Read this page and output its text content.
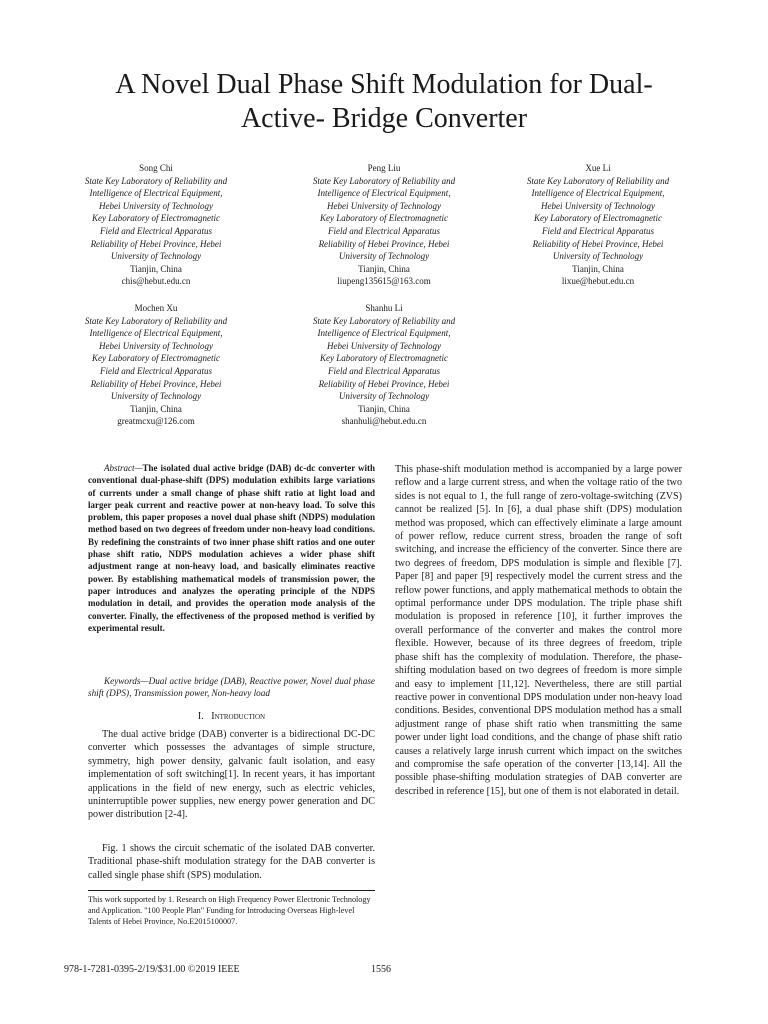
A Novel Dual Phase Shift Modulation for Dual-
Active- Bridge Converter
Song Chi
State Key Laboratory of Reliability and
Intelligence of Electrical Equipment,
Hebei University of Technology
Key Laboratory of Electromagnetic
Field and Electrical Apparatus
Reliability of Hebei Province, Hebei
University of Technology
Tianjin, China
chis@hebut.edu.cn
Peng Liu
State Key Laboratory of Reliability and
Intelligence of Electrical Equipment,
Hebei University of Technology
Key Laboratory of Electromagnetic
Field and Electrical Apparatus
Reliability of Hebei Province, Hebei
University of Technology
Tianjin, China
liupeng135615@163.com
Xue Li
State Key Laboratory of Reliability and
Intelligence of Electrical Equipment,
Hebei University of Technology
Key Laboratory of Electromagnetic
Field and Electrical Apparatus
Reliability of Hebei Province, Hebei
University of Technology
Tianjin, China
lixue@hebut.edu.cn
Mochen Xu
State Key Laboratory of Reliability and
Intelligence of Electrical Equipment,
Hebei University of Technology
Key Laboratory of Electromagnetic
Field and Electrical Apparatus
Reliability of Hebei Province, Hebei
University of Technology
Tianjin, China
greatmcxu@126.com
Shanhu Li
State Key Laboratory of Reliability and
Intelligence of Electrical Equipment,
Hebei University of Technology
Key Laboratory of Electromagnetic
Field and Electrical Apparatus
Reliability of Hebei Province, Hebei
University of Technology
Tianjin, China
shanhuli@hebut.edu.cn
Abstract—The isolated dual active bridge (DAB) dc-dc converter with conventional dual-phase-shift (DPS) modulation exhibits large variations of currents under a small change of phase shift ratio at light load and larger peak current and reactive power at non-heavy load. To solve this problem, this paper proposes a novel dual phase shift (NDPS) modulation method based on two degrees of freedom under non-heavy load conditions. By redefining the constraints of two inner phase shift ratios and one outer phase shift ratio, NDPS modulation achieves a wider phase shift adjustment range at non-heavy load, and basically eliminates reactive power. By establishing mathematical models of transmission power, the paper introduces and analyzes the operating principle of the NDPS modulation in detail, and provides the operation mode analysis of the converter. Finally, the effectiveness of the proposed method is verified by experimental result.
Keywords—Dual active bridge (DAB), Reactive power, Novel dual phase shift (DPS), Transmission power, Non-heavy load
I. Introduction
The dual active bridge (DAB) converter is a bidirectional DC-DC converter which possesses the advantages of simple structure, symmetry, high power density, galvanic fault isolation, and easy implementation of soft switching[1]. In recent years, it has important applications in the field of new energy, such as electric vehicles, uninterruptible power supplies, new energy power generation and DC power distribution [2-4].
Fig. 1 shows the circuit schematic of the isolated DAB converter. Traditional phase-shift modulation strategy for the DAB converter is called single phase shift (SPS) modulation.
This phase-shift modulation method is accompanied by a large power reflow and a large current stress, and when the voltage ratio of the two sides is not equal to 1, the full range of zero-voltage-switching (ZVS) cannot be realized [5]. In [6], a dual phase shift (DPS) modulation method was proposed, which can effectively eliminate a large amount of power reflow, reduce current stress, broaden the range of soft switching, and increase the efficiency of the converter. Since there are two degrees of freedom, DPS modulation is simple and flexible [7]. Paper [8] and paper [9] respectively model the current stress and the reflow power functions, and apply mathematical methods to obtain the optimal performance under DPS modulation. The triple phase shift modulation is proposed in reference [10], it further improves the overall performance of the converter and makes the control more flexible. However, because of its three degrees of freedom, triple phase shift has the complexity of modulation. Therefore, the phase-shifting modulation based on two degrees of freedom is more simple and easy to implement [11,12]. Nevertheless, there are still partial reactive power in conventional DPS modulation under non-heavy load conditions. Besides, conventional DPS modulation method has a small adjustment range of phase shift ratio when transmitting the same power under light load conditions, and the change of phase shift ratio causes a relatively large inrush current which impact on the switches and compromise the safe operation of the converter [13,14]. All the possible phase-shifting modulation strategies of DAB converter are described in reference [15], but one of them is not elaborated in detail.
This work supported by 1. Research on High Frequency Power Electronic Technology and Application. "100 People Plan" Funding for Introducing Overseas High-level Talents of Hebei Province, No.E2015100007.
978-1-7281-0395-2/19/$31.00 ©2019 IEEE	1556
